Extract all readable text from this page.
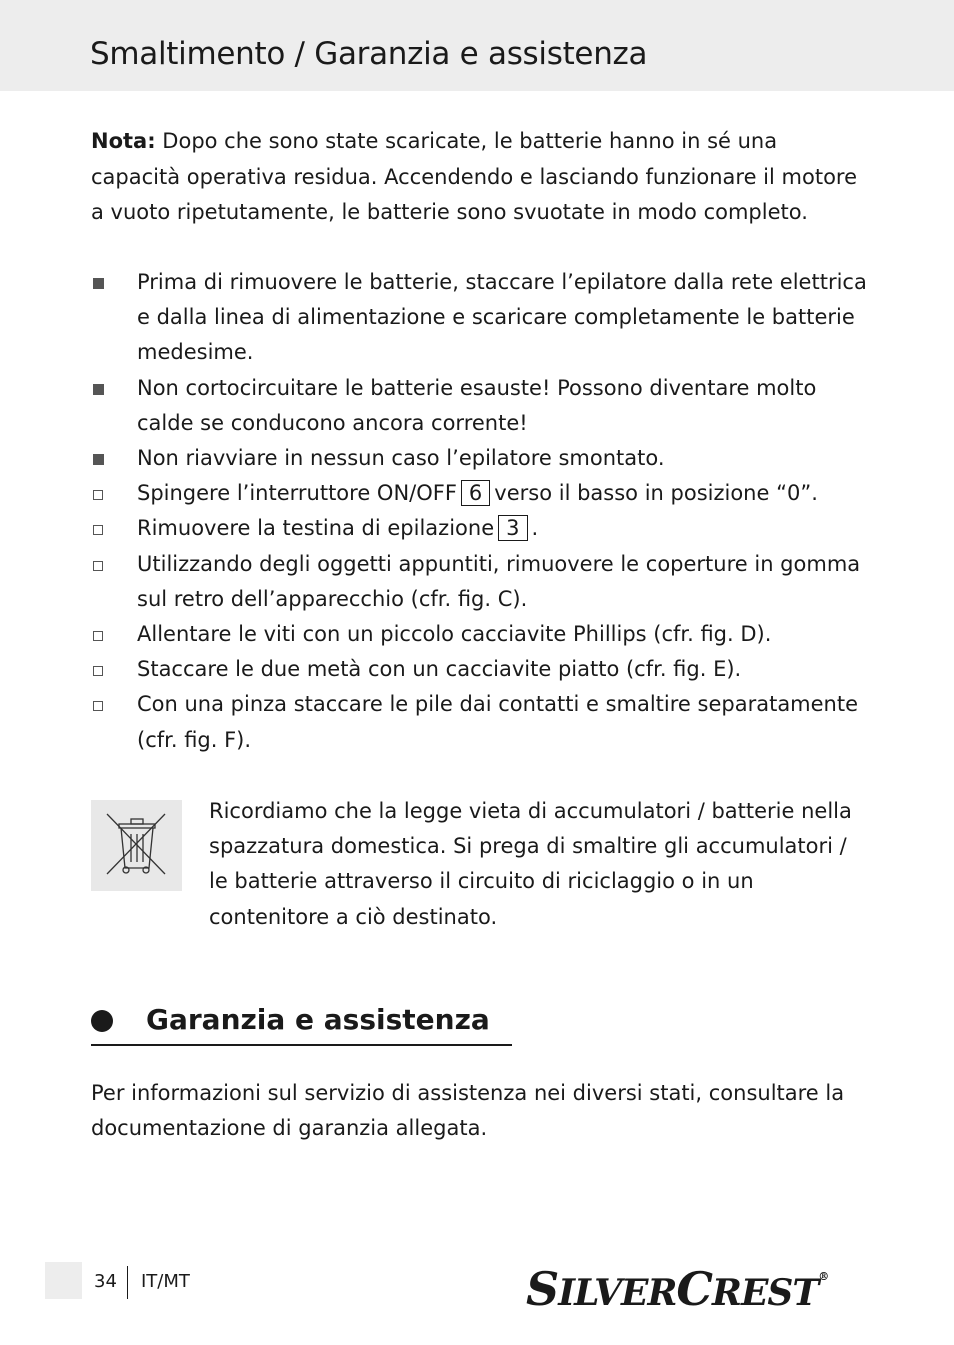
Smaltimento / Garanzia e assistenza

Nota: Dopo che sono state scaricate, le batterie hanno in sé una capacità operativa residua. Accendendo e lasciando funzionare il motore a vuoto ripetutamente, le batterie sono svuotate in modo completo.

Prima di rimuovere le batterie, staccare l’epilatore dalla rete elettrica e dalla linea di alimentazione e scaricare completamente le batterie medesime.
Non cortocircuitare le batterie esauste! Possono diventare molto calde se conducono ancora corrente!
Non riavviare in nessun caso l’epilatore smontato.
Spingere l’interruttore ON/OFF 6 verso il basso in posizione “0”.
Rimuovere la testina di epilazione 3 .
Utilizzando degli oggetti appuntiti, rimuovere le coperture in gomma sul retro dell’apparecchio (cfr. fig. C).
Allentare le viti con un piccolo cacciavite Phillips (cfr. fig. D).
Staccare le due metà con un cacciavite piatto (cfr. fig. E).
Con una pinza staccare le pile dai contatti e smaltire separatamente (cfr. fig. F).

Ricordiamo che la legge vieta di accumulatori / batterie nella spazzatura domestica. Si prega di smaltire gli accumulatori / le batterie attraverso il circuito di riciclaggio o in un contenitore a ciò destinato.

Garanzia e assistenza

Per informazioni sul servizio di assistenza nei diversi stati, consultare la documentazione di garanzia allegata.

34 IT/MT	SILVERCREST®
